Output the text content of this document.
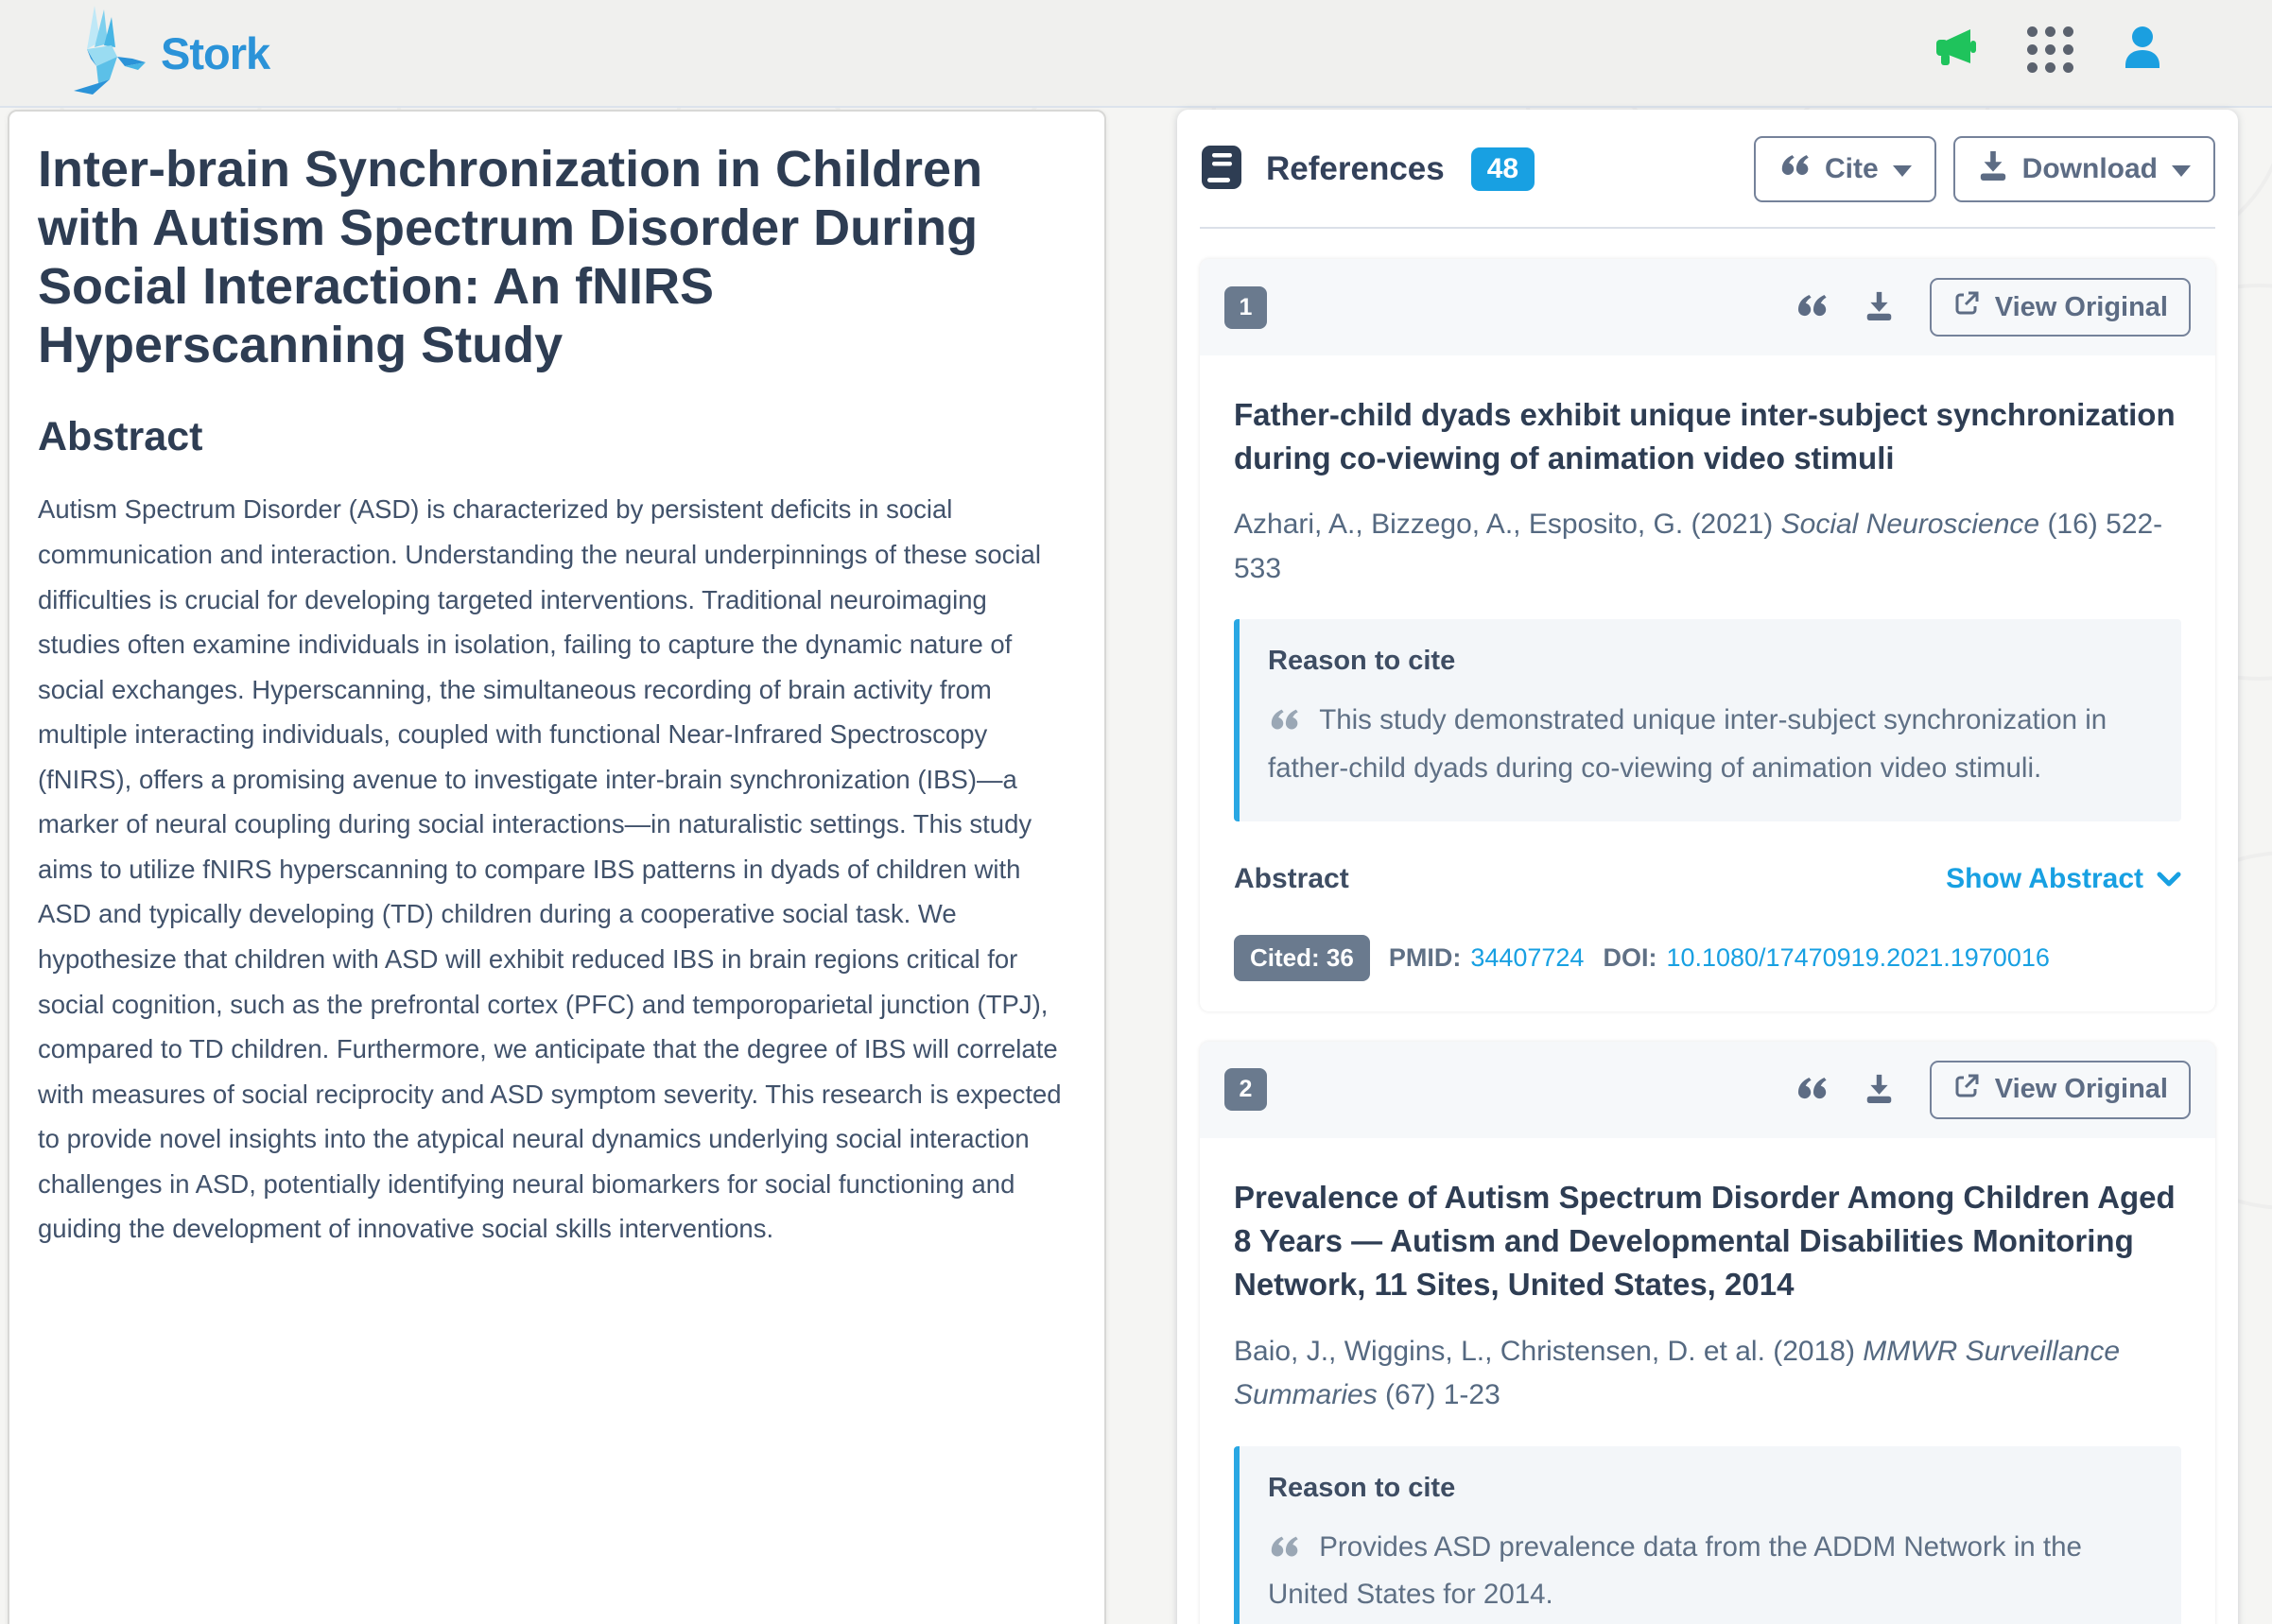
Stork
Inter-brain Synchronization in Children with Autism Spectrum Disorder During Social Interaction: An fNIRS Hyperscanning Study
Abstract

Autism Spectrum Disorder (ASD) is characterized by persistent deficits in social communication and interaction. Understanding the neural underpinnings of these social difficulties is crucial for developing targeted interventions. Traditional neuroimaging studies often examine individuals in isolation, failing to capture the dynamic nature of social exchanges. Hyperscanning, the simultaneous recording of brain activity from multiple interacting individuals, coupled with functional Near-Infrared Spectroscopy (fNIRS), offers a promising avenue to investigate inter-brain synchronization (IBS)—a marker of neural coupling during social interactions—in naturalistic settings. This study aims to utilize fNIRS hyperscanning to compare IBS patterns in dyads of children with ASD and typically developing (TD) children during a cooperative social task. We hypothesize that children with ASD will exhibit reduced IBS in brain regions critical for social cognition, such as the prefrontal cortex (PFC) and temporoparietal junction (TPJ), compared to TD children. Furthermore, we anticipate that the degree of IBS will correlate with measures of social reciprocity and ASD symptom severity. This research is expected to provide novel insights into the atypical neural dynamics underlying social interaction challenges in ASD, potentially identifying neural biomarkers for social functioning and guiding the development of innovative social skills interventions.

References	48	Cite	Download
1	View Original
Father-child dyads exhibit unique inter-subject synchronization during co-viewing of animation video stimuli
Azhari, A., Bizzego, A., Esposito, G. (2021) Social Neuroscience (16) 522-533
Reason to cite
This study demonstrated unique inter-subject synchronization in father-child dyads during co-viewing of animation video stimuli.
Abstract	Show Abstract
Cited: 36	PMID: 34407724 DOI: 10.1080/17470919.2021.1970016
2	View Original
Prevalence of Autism Spectrum Disorder Among Children Aged 8 Years — Autism and Developmental Disabilities Monitoring Network, 11 Sites, United States, 2014
Baio, J., Wiggins, L., Christensen, D. et al. (2018) MMWR Surveillance Summaries (67) 1-23
Reason to cite
Provides ASD prevalence data from the ADDM Network in the United States for 2014.
